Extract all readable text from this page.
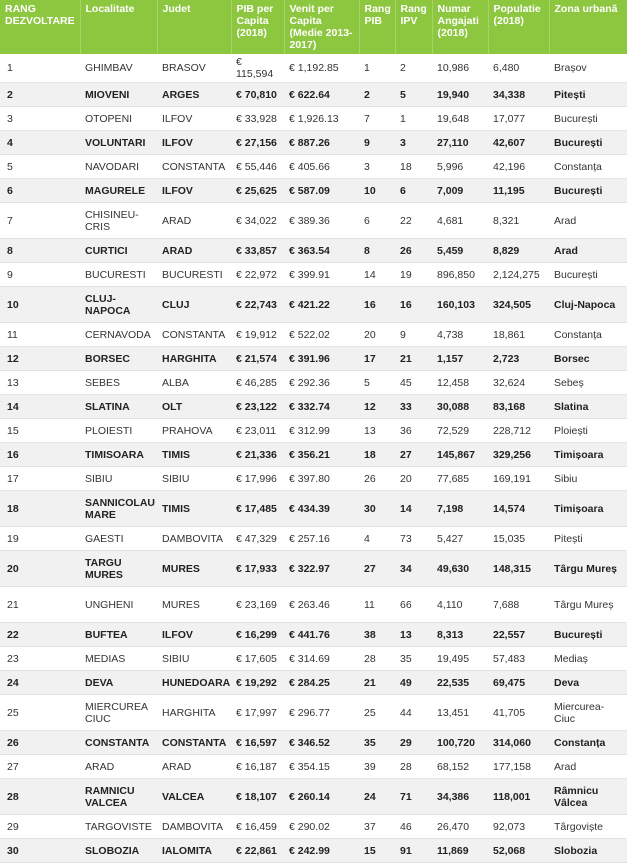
RANG DEZVOLTARE	Localitate	Judet	PIB per Capita (2018)	Venit per Capita (Medie 2013-2017)	Rang PIB	Rang IPV	Numar Angajati (2018)	Populatie (2018)	Zona urbană
1	GHIMBAV	BRASOV	€ 115,594	€ 1,192.85	1	2	10,986	6,480	Brașov
2	MIOVENI	ARGES	€ 70,810	€ 622.64	2	5	19,940	34,338	Pitești
3	OTOPENI	ILFOV	€ 33,928	€ 1,926.13	7	1	19,648	17,077	București
4	VOLUNTARI	ILFOV	€ 27,156	€ 887.26	9	3	27,110	42,607	București
5	NAVODARI	CONSTANTA	€ 55,446	€ 405.66	3	18	5,996	42,196	Constanța
6	MAGURELE	ILFOV	€ 25,625	€ 587.09	10	6	7,009	11,195	București
7	CHISINEU-CRIS	ARAD	€ 34,022	€ 389.36	6	22	4,681	8,321	Arad
8	CURTICI	ARAD	€ 33,857	€ 363.54	8	26	5,459	8,829	Arad
9	BUCURESTI	BUCURESTI	€ 22,972	€ 399.91	14	19	896,850	2,124,275	București
10	CLUJ-NAPOCA	CLUJ	€ 22,743	€ 421.22	16	16	160,103	324,505	Cluj-Napoca
11	CERNAVODA	CONSTANTA	€ 19,912	€ 522.02	20	9	4,738	18,861	Constanța
12	BORSEC	HARGHITA	€ 21,574	€ 391.96	17	21	1,157	2,723	Borsec
13	SEBES	ALBA	€ 46,285	€ 292.36	5	45	12,458	32,624	Sebeș
14	SLATINA	OLT	€ 23,122	€ 332.74	12	33	30,088	83,168	Slatina
15	PLOIESTI	PRAHOVA	€ 23,011	€ 312.99	13	36	72,529	228,712	Ploiești
16	TIMISOARA	TIMIS	€ 21,336	€ 356.21	18	27	145,867	329,256	Timișoara
17	SIBIU	SIBIU	€ 17,996	€ 397.80	26	20	77,685	169,191	Sibiu
18	SANNICOLAU MARE	TIMIS	€ 17,485	€ 434.39	30	14	7,198	14,574	Timișoara
19	GAESTI	DAMBOVITA	€ 47,329	€ 257.16	4	73	5,427	15,035	Pitești
20	TARGU MURES	MURES	€ 17,933	€ 322.97	27	34	49,630	148,315	Târgu Mureș
21	UNGHENI	MURES	€ 23,169	€ 263.46	11	66	4,110	7,688	Târgu Mureș
22	BUFTEA	ILFOV	€ 16,299	€ 441.76	38	13	8,313	22,557	București
23	MEDIAS	SIBIU	€ 17,605	€ 314.69	28	35	19,495	57,483	Mediaș
24	DEVA	HUNEDOARA	€ 19,292	€ 284.25	21	49	22,535	69,475	Deva
25	MIERCUREA CIUC	HARGHITA	€ 17,997	€ 296.77	25	44	13,451	41,705	Miercurea-Ciuc
26	CONSTANTA	CONSTANTA	€ 16,597	€ 346.52	35	29	100,720	314,060	Constanța
27	ARAD	ARAD	€ 16,187	€ 354.15	39	28	68,152	177,158	Arad
28	RAMNICU VALCEA	VALCEA	€ 18,107	€ 260.14	24	71	34,386	118,001	Râmnicu Vâlcea
29	TARGOVISTE	DAMBOVITA	€ 16,459	€ 290.02	37	46	26,470	92,073	Târgoviște
30	SLOBOZIA	IALOMITA	€ 22,861	€ 242.99	15	91	11,869	52,068	Slobozia
